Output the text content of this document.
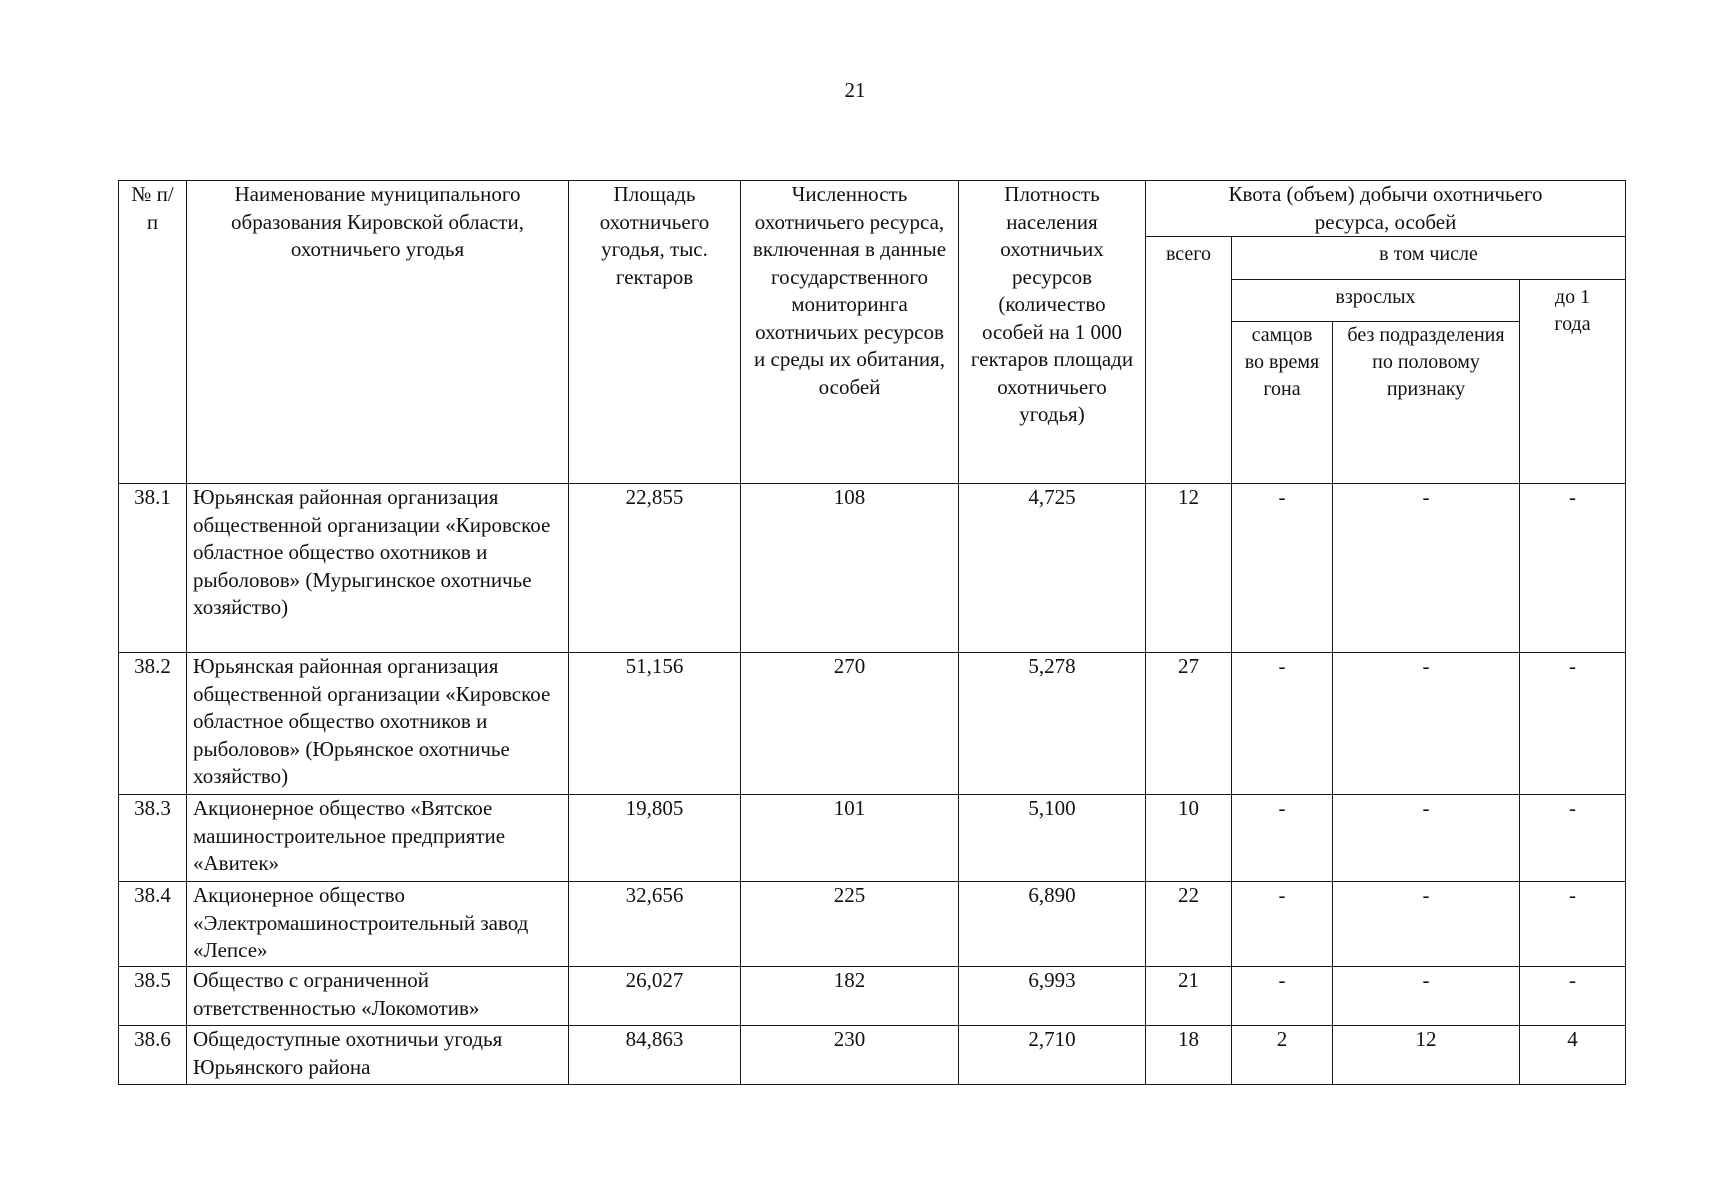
21
№ п/п	Наименование муниципального образования Кировской области, охотничьего угодья	Площадь охотничьего угодья, тыс. гектаров	Численность охотничьего ресурса, включенная в данные государственного мониторинга охотничьих ресурсов и среды их обитания, особей	Плотность населения охотничьих ресурсов (количество особей на 1 000 гектаров площади охотничьего угодья)	Квота (объем) добычи охотничьего ресурса, особей			
					всего	в том числе		
						взрослых		до 1 года
						самцов во время гона	без подразделения по половому признаку	
38.1	Юрьянская районная организация общественной организации «Кировское областное общество охотников и рыболовов» (Мурыгинское охотничье хозяйство)	22,855	108	4,725	12	-	-	-
38.2	Юрьянская районная организация общественной организации «Кировское областное общество охотников и рыболовов» (Юрьянское охотничье хозяйство)	51,156	270	5,278	27	-	-	-
38.3	Акционерное общество «Вятское машиностроительное предприятие «Авитек»	19,805	101	5,100	10	-	-	-
38.4	Акционерное общество «Электромашиностроительный завод «Лепсе»	32,656	225	6,890	22	-	-	-
38.5	Общество с ограниченной ответственностью «Локомотив»	26,027	182	6,993	21	-	-	-
38.6	Общедоступные охотничьи угодья Юрьянского района	84,863	230	2,710	18	2	12	4
